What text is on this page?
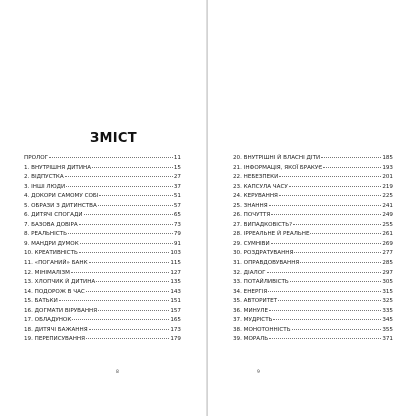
ЗМІСТ
ПРОЛОГ	11
1. ВНУТРІШНЯ ДИТИНА	15
2. ВІДПУСТКА	27
3. ІНШІ ЛЮДИ	37
4. ДОКОРИ САМОМУ СОБІ	51
5. ОБРАЗИ З ДИТИНСТВА	57
6. ДИТЯЧІ СПОГАДИ	65
7. БАЗОВА ДОВІРА	73
8. РЕАЛЬНІСТЬ	79
9. МАНДРИ ДУМОК	91
10. КРЕАТИВНІСТЬ	103
11. «ПОГАНИЙ» БАНК	115
12. МІНІМАЛІЗМ	127
13. ХЛОПЧИК Й ДИТИНА	135
14. ПОДОРОЖ В ЧАС	143
15. БАТЬКИ	151
16. ДОГМАТИ ВІРУВАННЯ	157
17. ОБЛАДУНОК	165
18. ДИТЯЧІ БАЖАННЯ	173
19. ПЕРЕПИСУВАННЯ	179
8
20. ВНУТРІШНІ Й ВЛАСНІ ДІТИ	185
21. ІНФОРМАЦІЯ, ЯКОЇ БРАКУЄ	193
22. НЕБЕЗПЕКИ	201
23. КАПСУЛА ЧАСУ	219
24. КЕРУВАННЯ	225
25. ЗНАННЯ	241
26. ПОЧУТТЯ	249
27. ВИПАДКОВІСТЬ?	255
28. ІРРЕАЛЬНЕ Й РЕАЛЬНЕ	261
29. СУМНІВИ	269
30. РОЗДРАТУВАННЯ	277
31. ОПРАВДОВУВАННЯ	285
32. ДІАЛОГ	297
33. ПОТАЙЛИВІСТЬ	305
34. ЕНЕРГІЯ	315
35. АВТОРИТЕТ	325
36. МИНУЛЕ	335
37. МУДРІСТЬ	345
38. МОНОТОННІСТЬ	355
39. МОРАЛЬ	371
9
